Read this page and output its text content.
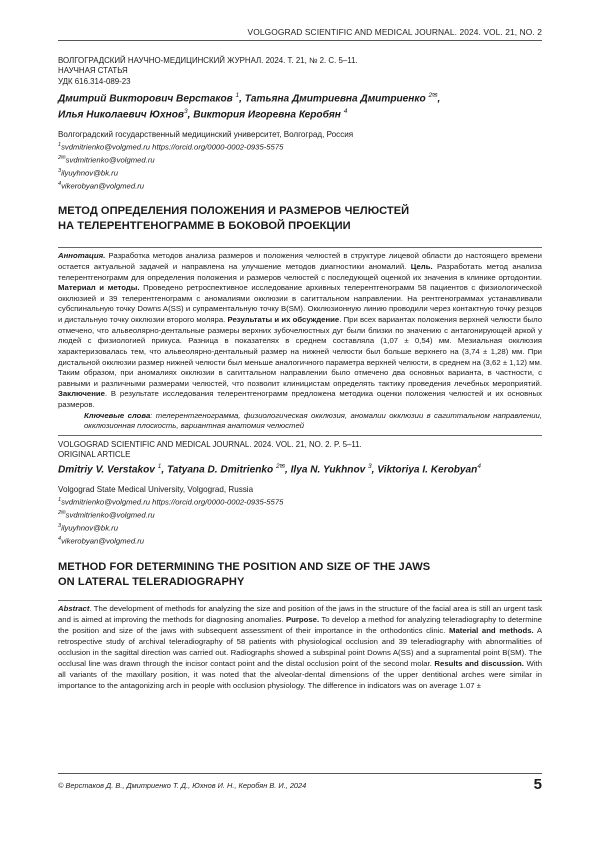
VOLGOGRAD SCIENTIFIC AND MEDICAL JOURNAL. 2024. VOL. 21, NO. 2
ВОЛГОГРАДСКИЙ НАУЧНО-МЕДИЦИНСКИЙ ЖУРНАЛ. 2024. Т. 21, № 2. С. 5–11.
НАУЧНАЯ СТАТЬЯ
УДК 616.314-089-23
Дмитрий Викторович Верстаков $^1$, Татьяна Дмитриевна Дмитриенко $^{2✉}$,
Илья Николаевич Юхнов$^3$, Виктория Игоревна Керобян $^4$
Волгоградский государственный медицинский университет, Волгоград, Россия
$^1$svdmitrienko@volgmed.ru https://orcid.org/0000-0002-0935-5575
$^{2✉}$svdmitrienko@volgmed.ru
$^3$ilyuyhnov@bk.ru
$^4$vikerobyan@volgmed.ru
МЕТОД ОПРЕДЕЛЕНИЯ ПОЛОЖЕНИЯ И РАЗМЕРОВ ЧЕЛЮСТЕЙ
НА ТЕЛЕРЕНТГЕНОГРАММЕ В БОКОВОЙ ПРОЕКЦИИ
Аннотация. Разработка методов анализа размеров и положения челюстей в структуре лицевой области до настоящего времени остается актуальной задачей и направлена на улучшение методов диагностики аномалий. Цель. Разработать метод анализа телерентгенограмм для определения положения и размеров челюстей с последующей оценкой их значения в клинике ортодонтии. Материал и методы. Проведено ретроспективное исследование архивных телерентгенограмм 58 пациентов с физиологической окклюзией и 39 телерентгенограмм с аномалиями окклюзии в сагиттальном направлении. На рентгенограммах устанавливали субспинальную точку Downs A(SS) и супраментальную точку B(SM). Окклюзионную линию проводили через контактную точку резцов и дистальную точку окклюзии второго моляра. Результаты и их обсуждение. При всех вариантах положения верхней челюсти было отмечено, что альвеолярно-дентальные размеры верхних зубочелюстных дуг были близки по значению с антагонирующей аркой у людей с физиологией прикуса. Разница в показателях в среднем составляла (1,07 ± 0,54) мм. Мезиальная окклюзия характеризовалась тем, что альвеолярно-дентальный размер на нижней челюсти был больше верхнего на (3,74 ± 1,28) мм. При дистальной окклюзии размер нижней челюсти был меньше аналогичного параметра верхней челюсти, в среднем на (3,62 ± 1,12) мм. Таким образом, при аномалиях окклюзии в сагиттальном направлении было отмечено два основных варианта, в частности, с равными и различными размерами челюстей, что позволит клиницистам определять тактику проведения лечебных мероприятий. Заключение. В результате исследования телерентгенограмм предложена методика оценки положения челюстей и их основных размеров.
Ключевые слова: телерентгенограмма, физиологическая окклюзия, аномалии окклюзии в сагиттальном направлении, окклюзионная плоскость, вариантная анатомия челюстей
VOLGOGRAD SCIENTIFIC AND MEDICAL JOURNAL. 2024. VOL. 21, NO. 2. P. 5–11.
ORIGINAL ARTICLE
Dmitriy V. Verstakov $^1$, Tatyana D. Dmitrienko $^{2✉}$, Ilya N. Yukhnov $^3$, Viktoriya I. Kerobyan$^4$
Volgograd State Medical University, Volgograd, Russia
$^1$svdmitrienko@volgmed.ru https://orcid.org/0000-0002-0935-5575
$^{2✉}$svdmitrienko@volgmed.ru
$^3$ilyuyhnov@bk.ru
$^4$vikerobyan@volgmed.ru
METHOD FOR DETERMINING THE POSITION AND SIZE OF THE JAWS
ON LATERAL TELERADIOGRAPHY
Abstract. The development of methods for analyzing the size and position of the jaws in the structure of the facial area is still an urgent task and is aimed at improving the methods for diagnosing anomalies. Purpose. To develop a method for analyzing teleradiography to determine the position and size of the jaws with subsequent assessment of their importance in the orthodontics clinic. Material and methods. A retrospective study of archival teleradiography of 58 patients with physiological occlusion and 39 teleradiography with abnormalities of occlusion in the sagittal direction was carried out. Radiographs showed a subspinal point Downs A(SS) and a supramental point B(SM). The occlusal line was drawn through the incisor contact point and the distal occlusion point of the second molar. Results and discussion. With all variants of the maxillary position, it was noted that the alveolar-dental dimensions of the upper dentitional arches were similar in importance to the antagonizing arch in people with occlusion physiology. The difference in indicators was on average 1.07 ±
© Верстаков Д. В., Дмитриенко Т. Д., Юхнов И. Н., Керобян В. И., 2024	5
